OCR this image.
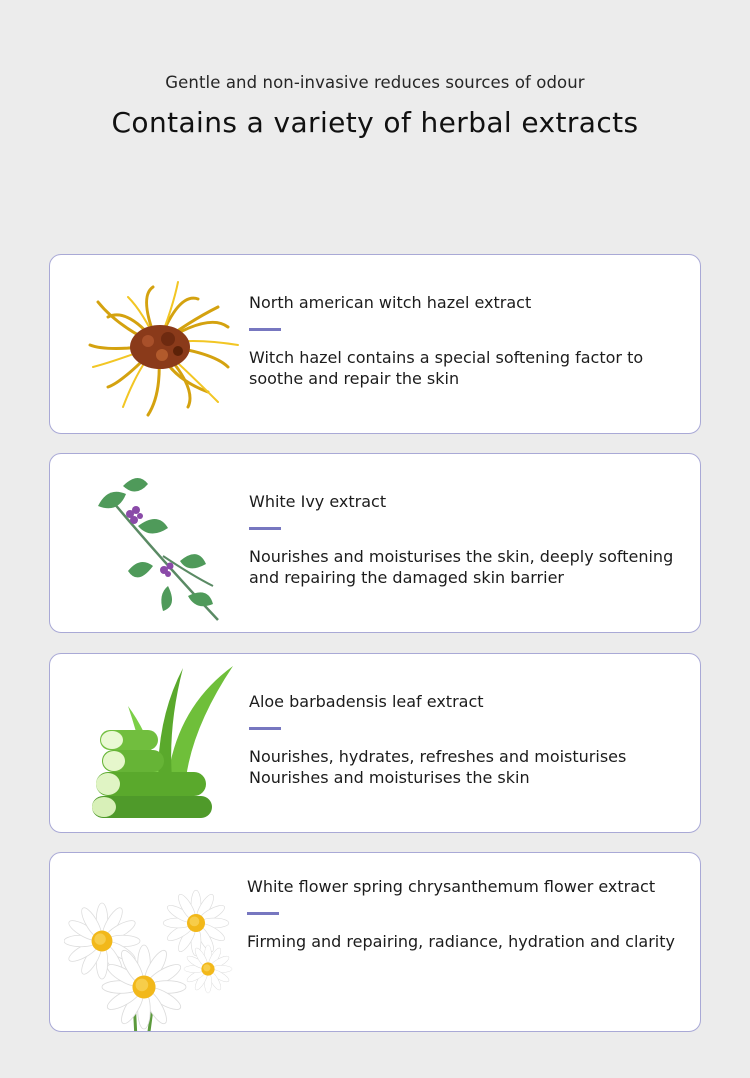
Gentle and non-invasive reduces sources of odour
Contains a variety of herbal extracts
North american witch hazel extract
Witch hazel contains a special softening factor to soothe and repair the skin
White Ivy extract
Nourishes and moisturises the skin, deeply softening and repairing the damaged skin barrier
Aloe barbadensis leaf extract
Nourishes, hydrates, refreshes and moisturises Nourishes and moisturises the skin
White flower spring chrysanthemum flower extract
Firming and repairing, radiance, hydration and clarity
